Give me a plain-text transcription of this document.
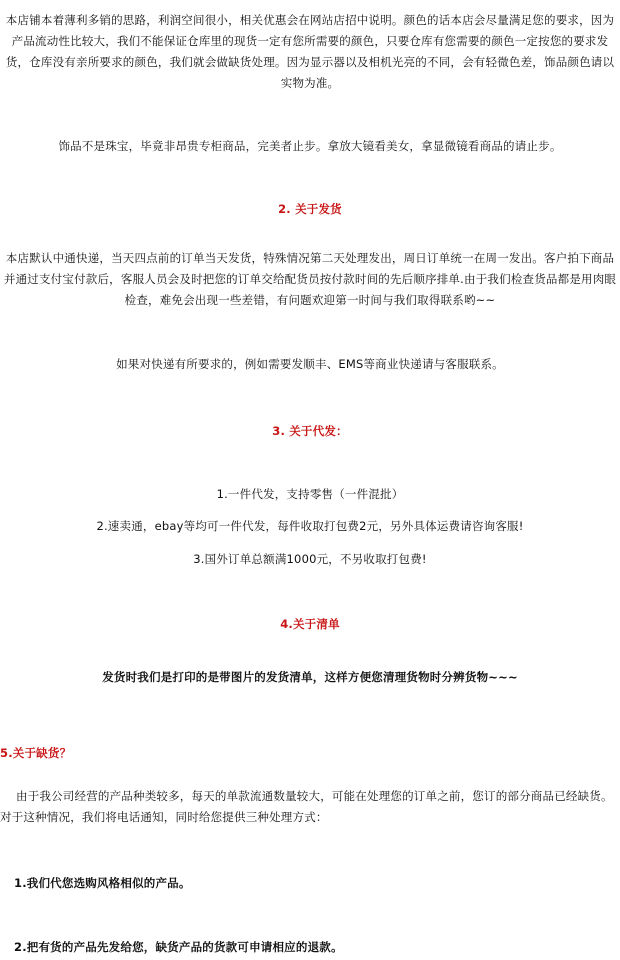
本店铺本着薄利多销的思路，利润空间很小，相关优惠会在网站店招中说明。颜色的话本店会尽量满足您的要求，因为产品流动性比较大，我们不能保证仓库里的现货一定有您所需要的颜色，只要仓库有您需要的颜色一定按您的要求发货，仓库没有亲所要求的颜色，我们就会做缺货处理。因为显示器以及相机光亮的不同，会有轻微色差，饰品颜色请以实物为准。

饰品不是珠宝，毕竟非昂贵专柜商品，完美者止步。拿放大镜看美女，拿显微镜看商品的请止步。

2. 关于发货

本店默认中通快递，当天四点前的订单当天发货，特殊情况第二天处理发出，周日订单统一在周一发出。客户拍下商品并通过支付宝付款后，客服人员会及时把您的订单交给配货员按付款时间的先后顺序排单.由于我们检查货品都是用肉眼检查，难免会出现一些差错，有问题欢迎第一时间与我们取得联系哟~~

如果对快递有所要求的，例如需要发顺丰、EMS等商业快递请与客服联系。

3. 关于代发：

1.一件代发，支持零售（一件混批）

2.速卖通，ebay等均可一件代发，每件收取打包费2元，另外具体运费请咨询客服!

3.国外订单总额满1000元，不另收取打包费!

4.关于清单

发货时我们是打印的是带图片的发货清单，这样方便您清理货物时分辨货物~~~

5.关于缺货？

由于我公司经营的产品种类较多，每天的单款流通数量较大，可能在处理您的订单之前，您订的部分商品已经缺货。对于这种情况，我们将电话通知，同时给您提供三种处理方式：

1.我们代您选购风格相似的产品。

2.把有货的产品先发给您，缺货产品的货款可申请相应的退款。
